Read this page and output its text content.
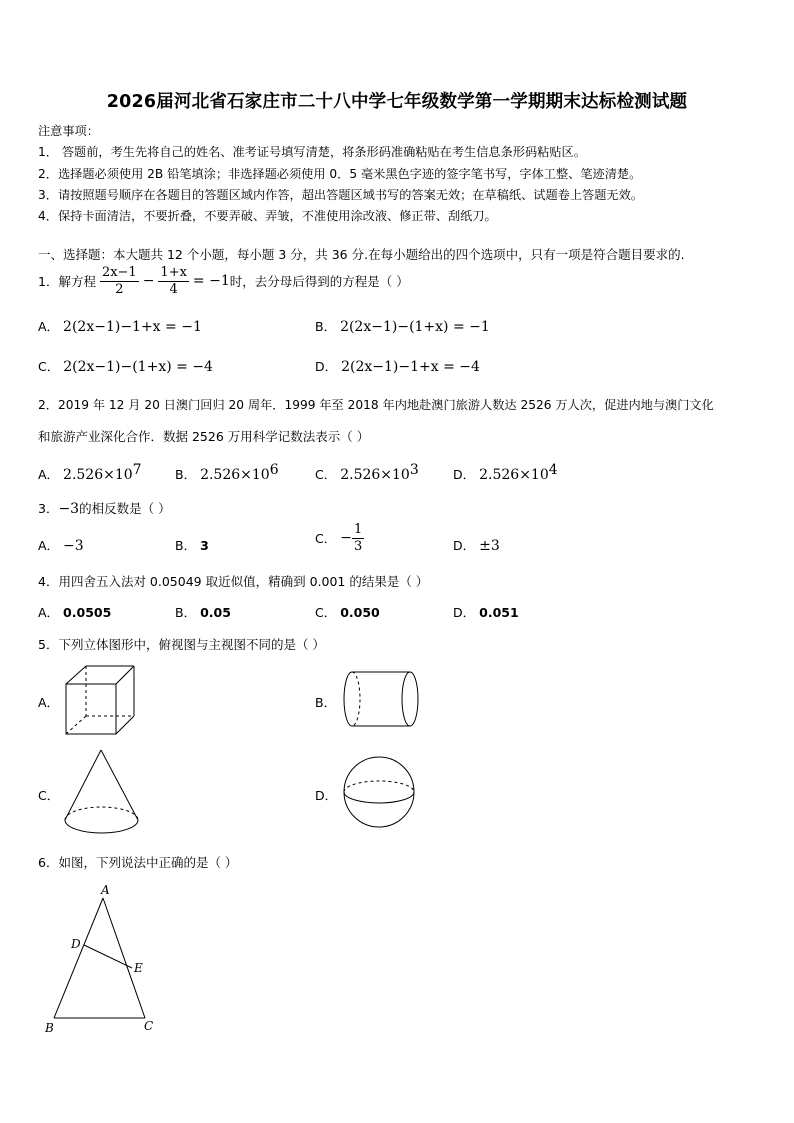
2026届河北省石家庄市二十八中学七年级数学第一学期期末达标检测试题
注意事项：
1． 答题前，考生先将自己的姓名、准考证号填写清楚，将条形码准确粘贴在考生信息条形码粘贴区。
2．选择题必须使用 2B 铅笔填涂；非选择题必须使用 0．5 毫米黑色字迹的签字笔书写，字体工整、笔迹清楚。
3．请按照题号顺序在各题目的答题区域内作答，超出答题区域书写的答案无效；在草稿纸、试题卷上答题无效。
4．保持卡面清洁，不要折叠，不要弄破、弄皱，不准使用涂改液、修正带、刮纸刀。
一、选择题：本大题共 12 个小题，每小题 3 分，共 36 分.在每小题给出的四个选项中，只有一项是符合题目要求的.
1．解方程 $\frac{2x-1}{2} - \frac{1+x}{4} = -1$时，去分母后得到的方程是（ ）
A． 2(2x−1)−1+x = −1	B． 2(2x−1)−(1+x) = −1
C． 2(2x−1)−(1+x) = −4	D． 2(2x−1)−1+x = −4
2．2019 年 12 月 20 日澳门回归 20 周年．1999 年至 2018 年内地赴澳门旅游人数达 2526 万人次，促进内地与澳门文化
和旅游产业深化合作．数据 2526 万用科学记数法表示（ ）
A． $2.526\times 10^7$	B． $2.526\times 10^6$	C． $2.526\times 10^3$	D． $2.526\times 10^4$
3．−3的相反数是（ ）
A． −3	B． 3	C． − $\frac{1}{3}$	D． ±3
4．用四舍五入法对 0.05049 取近似值，精确到 0.001 的结果是（ ）
A． 0.0505	B． 0.05	C． 0.050	D． 0.051
5．下列立体图形中，俯视图与主视图不同的是（ ）
A．	B．
C．	D．
6．如图，下列说法中正确的是（ ）
A
D
E
B	C
